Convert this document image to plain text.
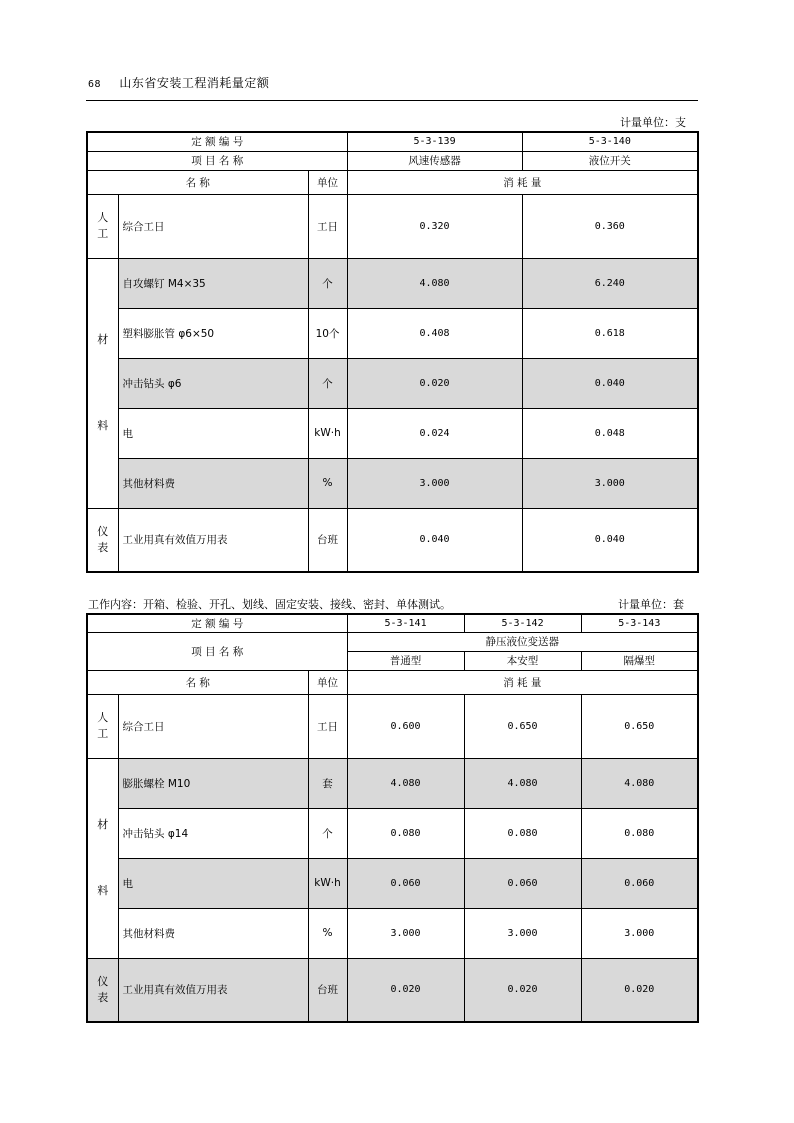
68 山东省安装工程消耗量定额
计量单位：支
定 额 编 号			5-3-139	5-3-140
项 目 名 称			风速传感器	液位开关
名 称		单位	消 耗 量	
人工	综合工日	工日	0.320	0.360

材
料	自攻螺钉 M4×35	个	4.080	6.240
	塑料膨胀管 φ6×50	10个	0.408	0.618
	冲击钻头 φ6	个	0.020	0.040
	电	kW·h	0.024	0.048
	其他材料费	%	3.000	3.000
仪表	工业用真有效值万用表	台班	0.040	0.040
工作内容：开箱、检验、开孔、划线、固定安装、接线、密封、单体测试。	计量单位：套
定 额 编 号			5-3-141	5-3-142	5-3-143
项 目 名 称			静压液位变送器		
			普通型	本安型	隔爆型
名 称		单位	消 耗 量		
人工	综合工日	工日	0.600	0.650	0.650

材
料	膨胀螺栓 M10	套	4.080	4.080	4.080
	冲击钻头 φ14	个	0.080	0.080	0.080
	电	kW·h	0.060	0.060	0.060
	其他材料费	%	3.000	3.000	3.000
仪表	工业用真有效值万用表	台班	0.020	0.020	0.020
